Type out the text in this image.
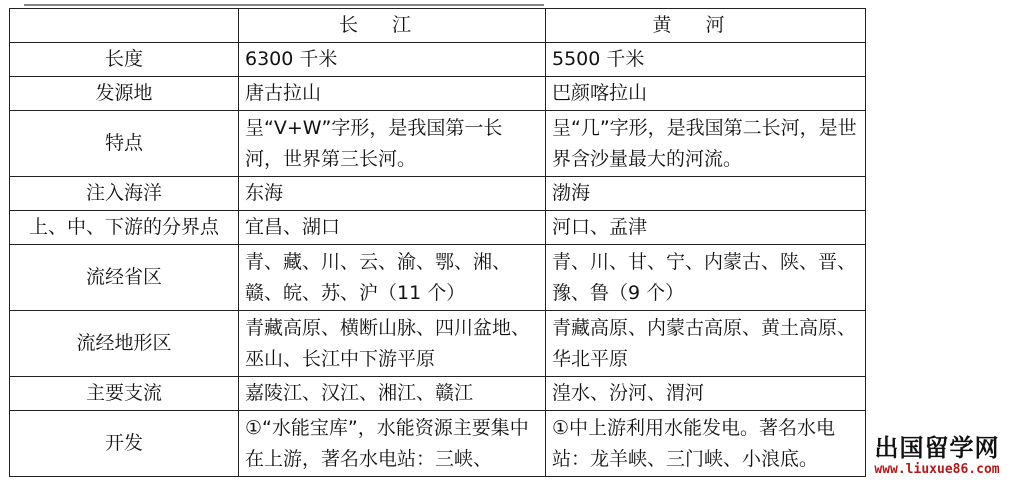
	长江	黄河
长度	6300 千米	5500 千米
发源地	唐古拉山	巴颜喀拉山
特点	呈“V+W”字形，是我国第一长河，世界第三长河。	呈“几”字形，是我国第二长河，是世界含沙量最大的河流。
注入海洋	东海	渤海
上、中、下游的分界点	宜昌、湖口	河口、孟津
流经省区	青、藏、川、云、渝、鄂、湘、赣、皖、苏、沪（11 个）	青、川、甘、宁、内蒙古、陕、晋、豫、鲁（9 个）
流经地形区	青藏高原、横断山脉、四川盆地、巫山、长江中下游平原	青藏高原、内蒙古高原、黄土高原、华北平原
主要支流	嘉陵江、汉江、湘江、赣江	湟水、汾河、渭河
开发	①“水能宝库”，水能资源主要集中在上游，著名水电站：三峡、	①中上游利用水能发电。著名水电站：龙羊峡、三门峡、小浪底。	出国留学网
www.liuxue86.com
